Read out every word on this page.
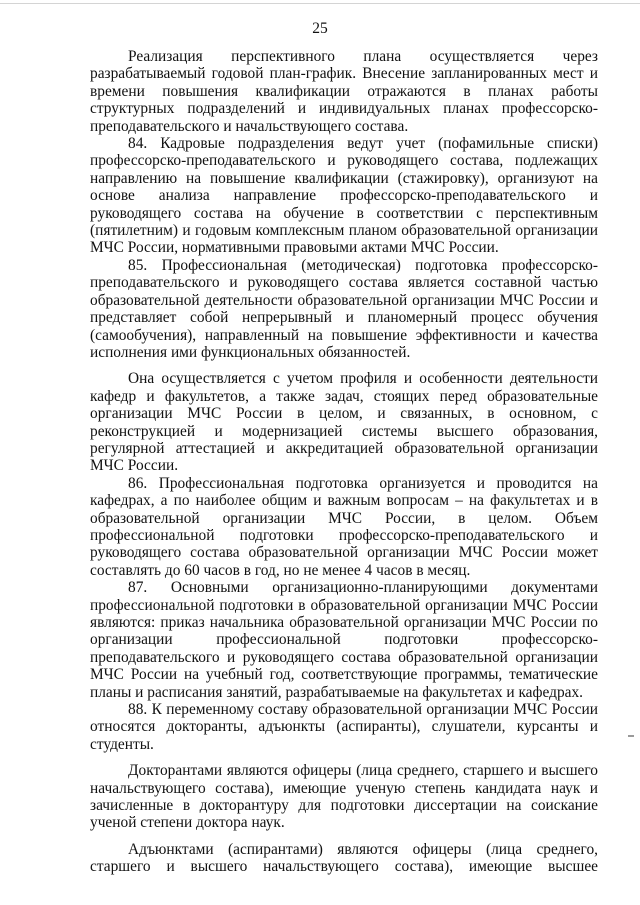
25

Реализация перспективного плана осуществляется через разрабатываемый годовой план-график. Внесение запланированных мест и времени повышения квалификации отражаются в планах работы структурных подразделений и индивидуальных планах профессорско-преподавательского и начальствующего состава.

84. Кадровые подразделения ведут учет (пофамильные списки) профессорско-преподавательского и руководящего состава, подлежащих направлению на повышение квалификации (стажировку), организуют на основе анализа направление профессорско-преподавательского и руководящего состава на обучение в соответствии с перспективным (пятилетним) и годовым комплексным планом образовательной организации МЧС России, нормативными правовыми актами МЧС России.

85. Профессиональная (методическая) подготовка профессорско-преподавательского и руководящего состава является составной частью образовательной деятельности образовательной организации МЧС России и представляет собой непрерывный и планомерный процесс обучения (самообучения), направленный на повышение эффективности и качества исполнения ими функциональных обязанностей.

Она осуществляется с учетом профиля и особенности деятельности кафедр и факультетов, а также задач, стоящих перед образовательные организации МЧС России в целом, и связанных, в основном, с реконструкцией и модернизацией системы высшего образования, регулярной аттестацией и аккредитацией образовательной организации МЧС России.

86. Профессиональная подготовка организуется и проводится на кафедрах, а по наиболее общим и важным вопросам – на факультетах и в образовательной организации МЧС России, в целом. Объем профессиональной подготовки профессорско-преподавательского и руководящего состава образовательной организации МЧС России может составлять до 60 часов в год, но не менее 4 часов в месяц.

87. Основными организационно-планирующими документами профессиональной подготовки в образовательной организации МЧС России являются: приказ начальника образовательной организации МЧС России по организации профессиональной подготовки профессорско-преподавательского и руководящего состава образовательной организации МЧС России на учебный год, соответствующие программы, тематические планы и расписания занятий, разрабатываемые на факультетах и кафедрах.

88. К переменному составу образовательной организации МЧС России относятся докторанты, адъюнкты (аспиранты), слушатели, курсанты и студенты.

Докторантами являются офицеры (лица среднего, старшего и высшего начальствующего состава), имеющие ученую степень кандидата наук и зачисленные в докторантуру для подготовки диссертации на соискание ученой степени доктора наук.

Адъюнктами (аспирантами) являются офицеры (лица среднего, старшего и высшего начальствующего состава), имеющие высшее
